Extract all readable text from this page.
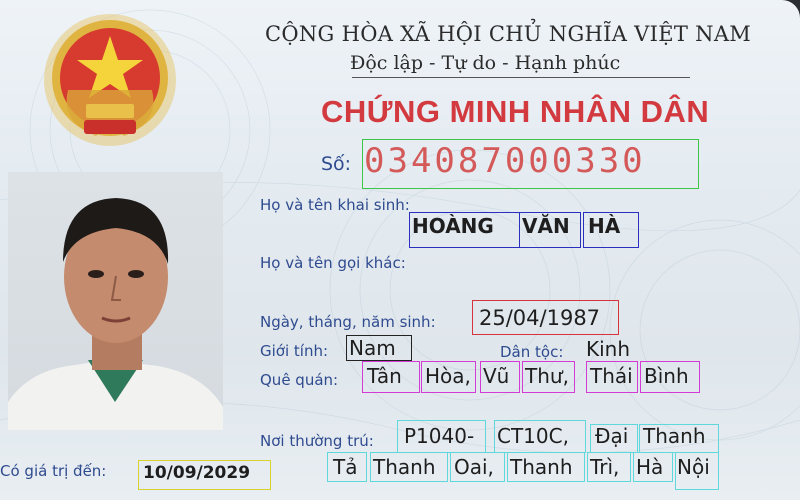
CỘNG HÒA XÃ HỘI CHỦ NGHĨA VIỆT NAM
Độc lập - Tự do - Hạnh phúc
CHỨNG MINH NHÂN DÂN
Số: 034087000330
Họ và tên khai sinh:
HOÀNG VĂN HÀ
Họ và tên gọi khác:
Ngày, tháng, năm sinh: 25/04/1987
Giới tính: Nam	Dân tộc: Kinh
Quê quán: Tân Hòa, Vũ Thư, Thái Bình
Nơi thường trú: P1040- CT10C, Đại Thanh
Tả Thanh Oai, Thanh Trì, Hà Nội
Có giá trị đến: 10/09/2029
